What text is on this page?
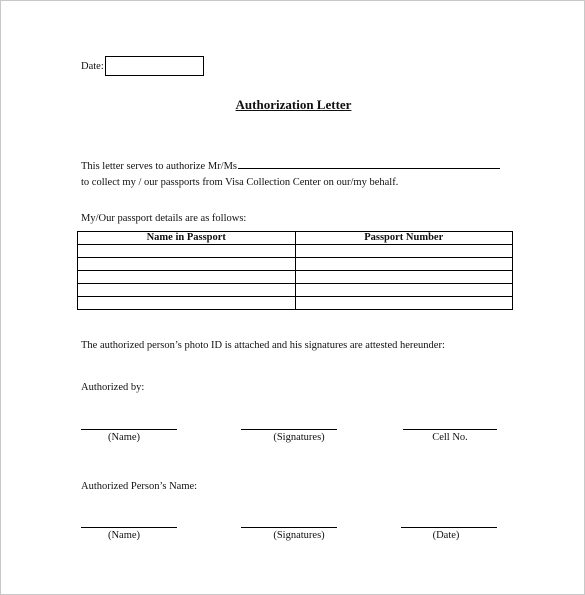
Date:
Authorization Letter
This letter serves to authorize Mr/Ms
to collect my / our passports from Visa Collection Center on our/my behalf.
My/Our passport details are as follows:
Name in Passport	Passport Number

The authorized person’s photo ID is attached and his signatures are attested hereunder:
Authorized by:
(Name)	(Signatures)	Cell No.
Authorized Person’s Name:
(Name)	(Signatures)	(Date)
